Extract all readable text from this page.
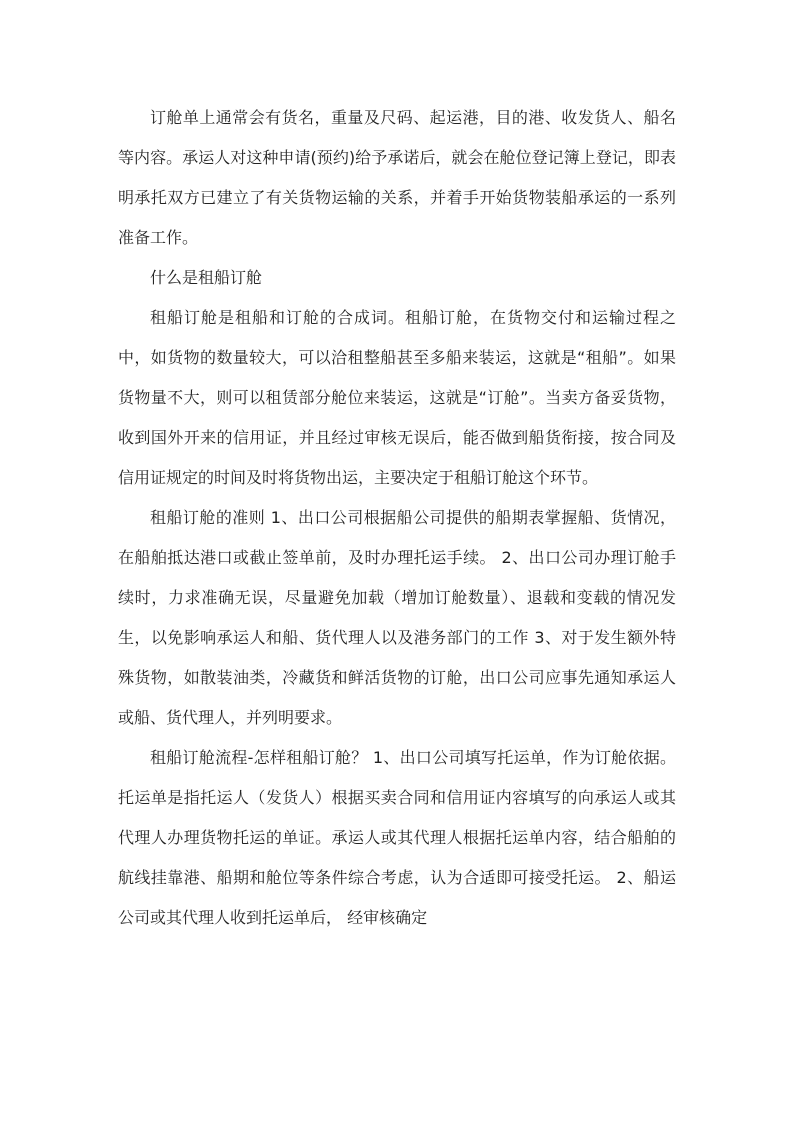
订舱单上通常会有货名，重量及尺码、起运港，目的港、收发货人、船名等内容。承运人对这种申请(预约)给予承诺后，就会在舱位登记簿上登记，即表明承托双方已建立了有关货物运输的关系，并着手开始货物装船承运的一系列准备工作。

什么是租船订舱

租船订舱是租船和订舱的合成词。租船订舱，在货物交付和运输过程之中，如货物的数量较大，可以洽租整船甚至多船来装运，这就是“租船”。如果货物量不大，则可以租赁部分舱位来装运，这就是“订舱”。当卖方备妥货物，收到国外开来的信用证，并且经过审核无误后，能否做到船货衔接，按合同及信用证规定的时间及时将货物出运，主要决定于租船订舱这个环节。

租船订舱的准则 1、出口公司根据船公司提供的船期表掌握船、货情况，在船舶抵达港口或截止签单前，及时办理托运手续。 2、出口公司办理订舱手续时，力求准确无误，尽量避免加载（增加订舱数量）、退载和变载的情况发生，以免影响承运人和船、货代理人以及港务部门的工作 3、对于发生额外特殊货物，如散装油类，冷藏货和鲜活货物的订舱，出口公司应事先通知承运人或船、货代理人，并列明要求。

租船订舱流程-怎样租船订舱？ 1、出口公司填写托运单，作为订舱依据。托运单是指托运人（发货人）根据买卖合同和信用证内容填写的向承运人或其代理人办理货物托运的单证。承运人或其代理人根据托运单内容，结合船舶的航线挂靠港、船期和舱位等条件综合考虑，认为合适即可接受托运。 2、船运公司或其代理人收到托运单后， 经审核确定
